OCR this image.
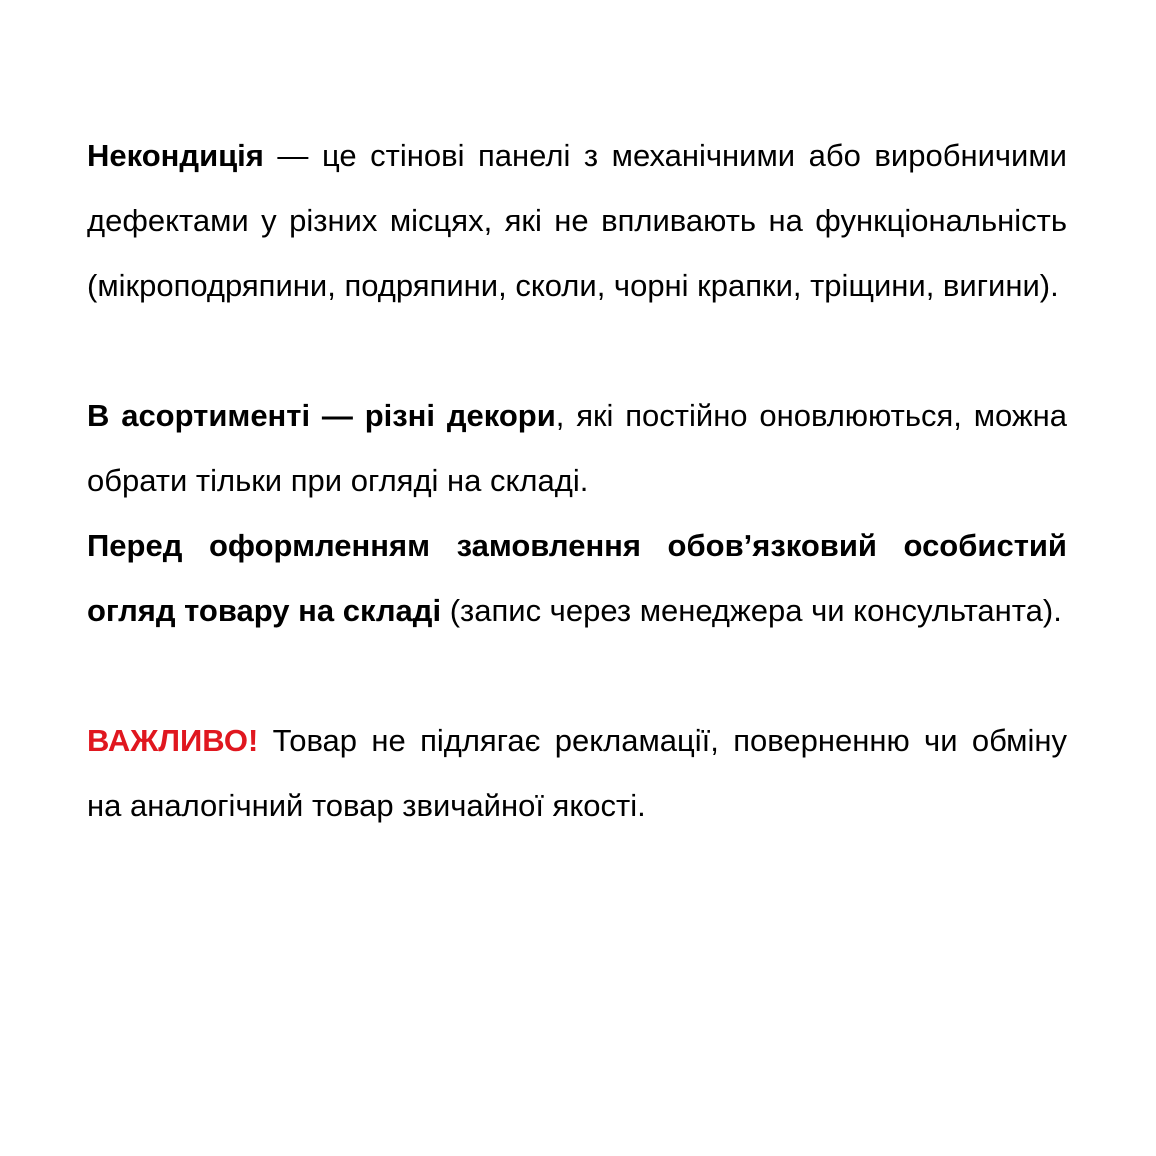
Некондиція — це стінові панелі з механічними або виробничими дефектами у різних місцях, які не впливають на функціональність (мікроподряпини, подряпини, сколи, чорні крапки, тріщини, вигини).

В асортименті — різні декори, які постійно оновлюються, можна обрати тільки при огляді на складі.

Перед оформленням замовлення обовʼязковий особистий огляд товару на складі (запис через менеджера чи консультанта).

ВАЖЛИВО! Товар не підлягає рекламації, поверненню чи обміну на аналогічний товар звичайної якості.
